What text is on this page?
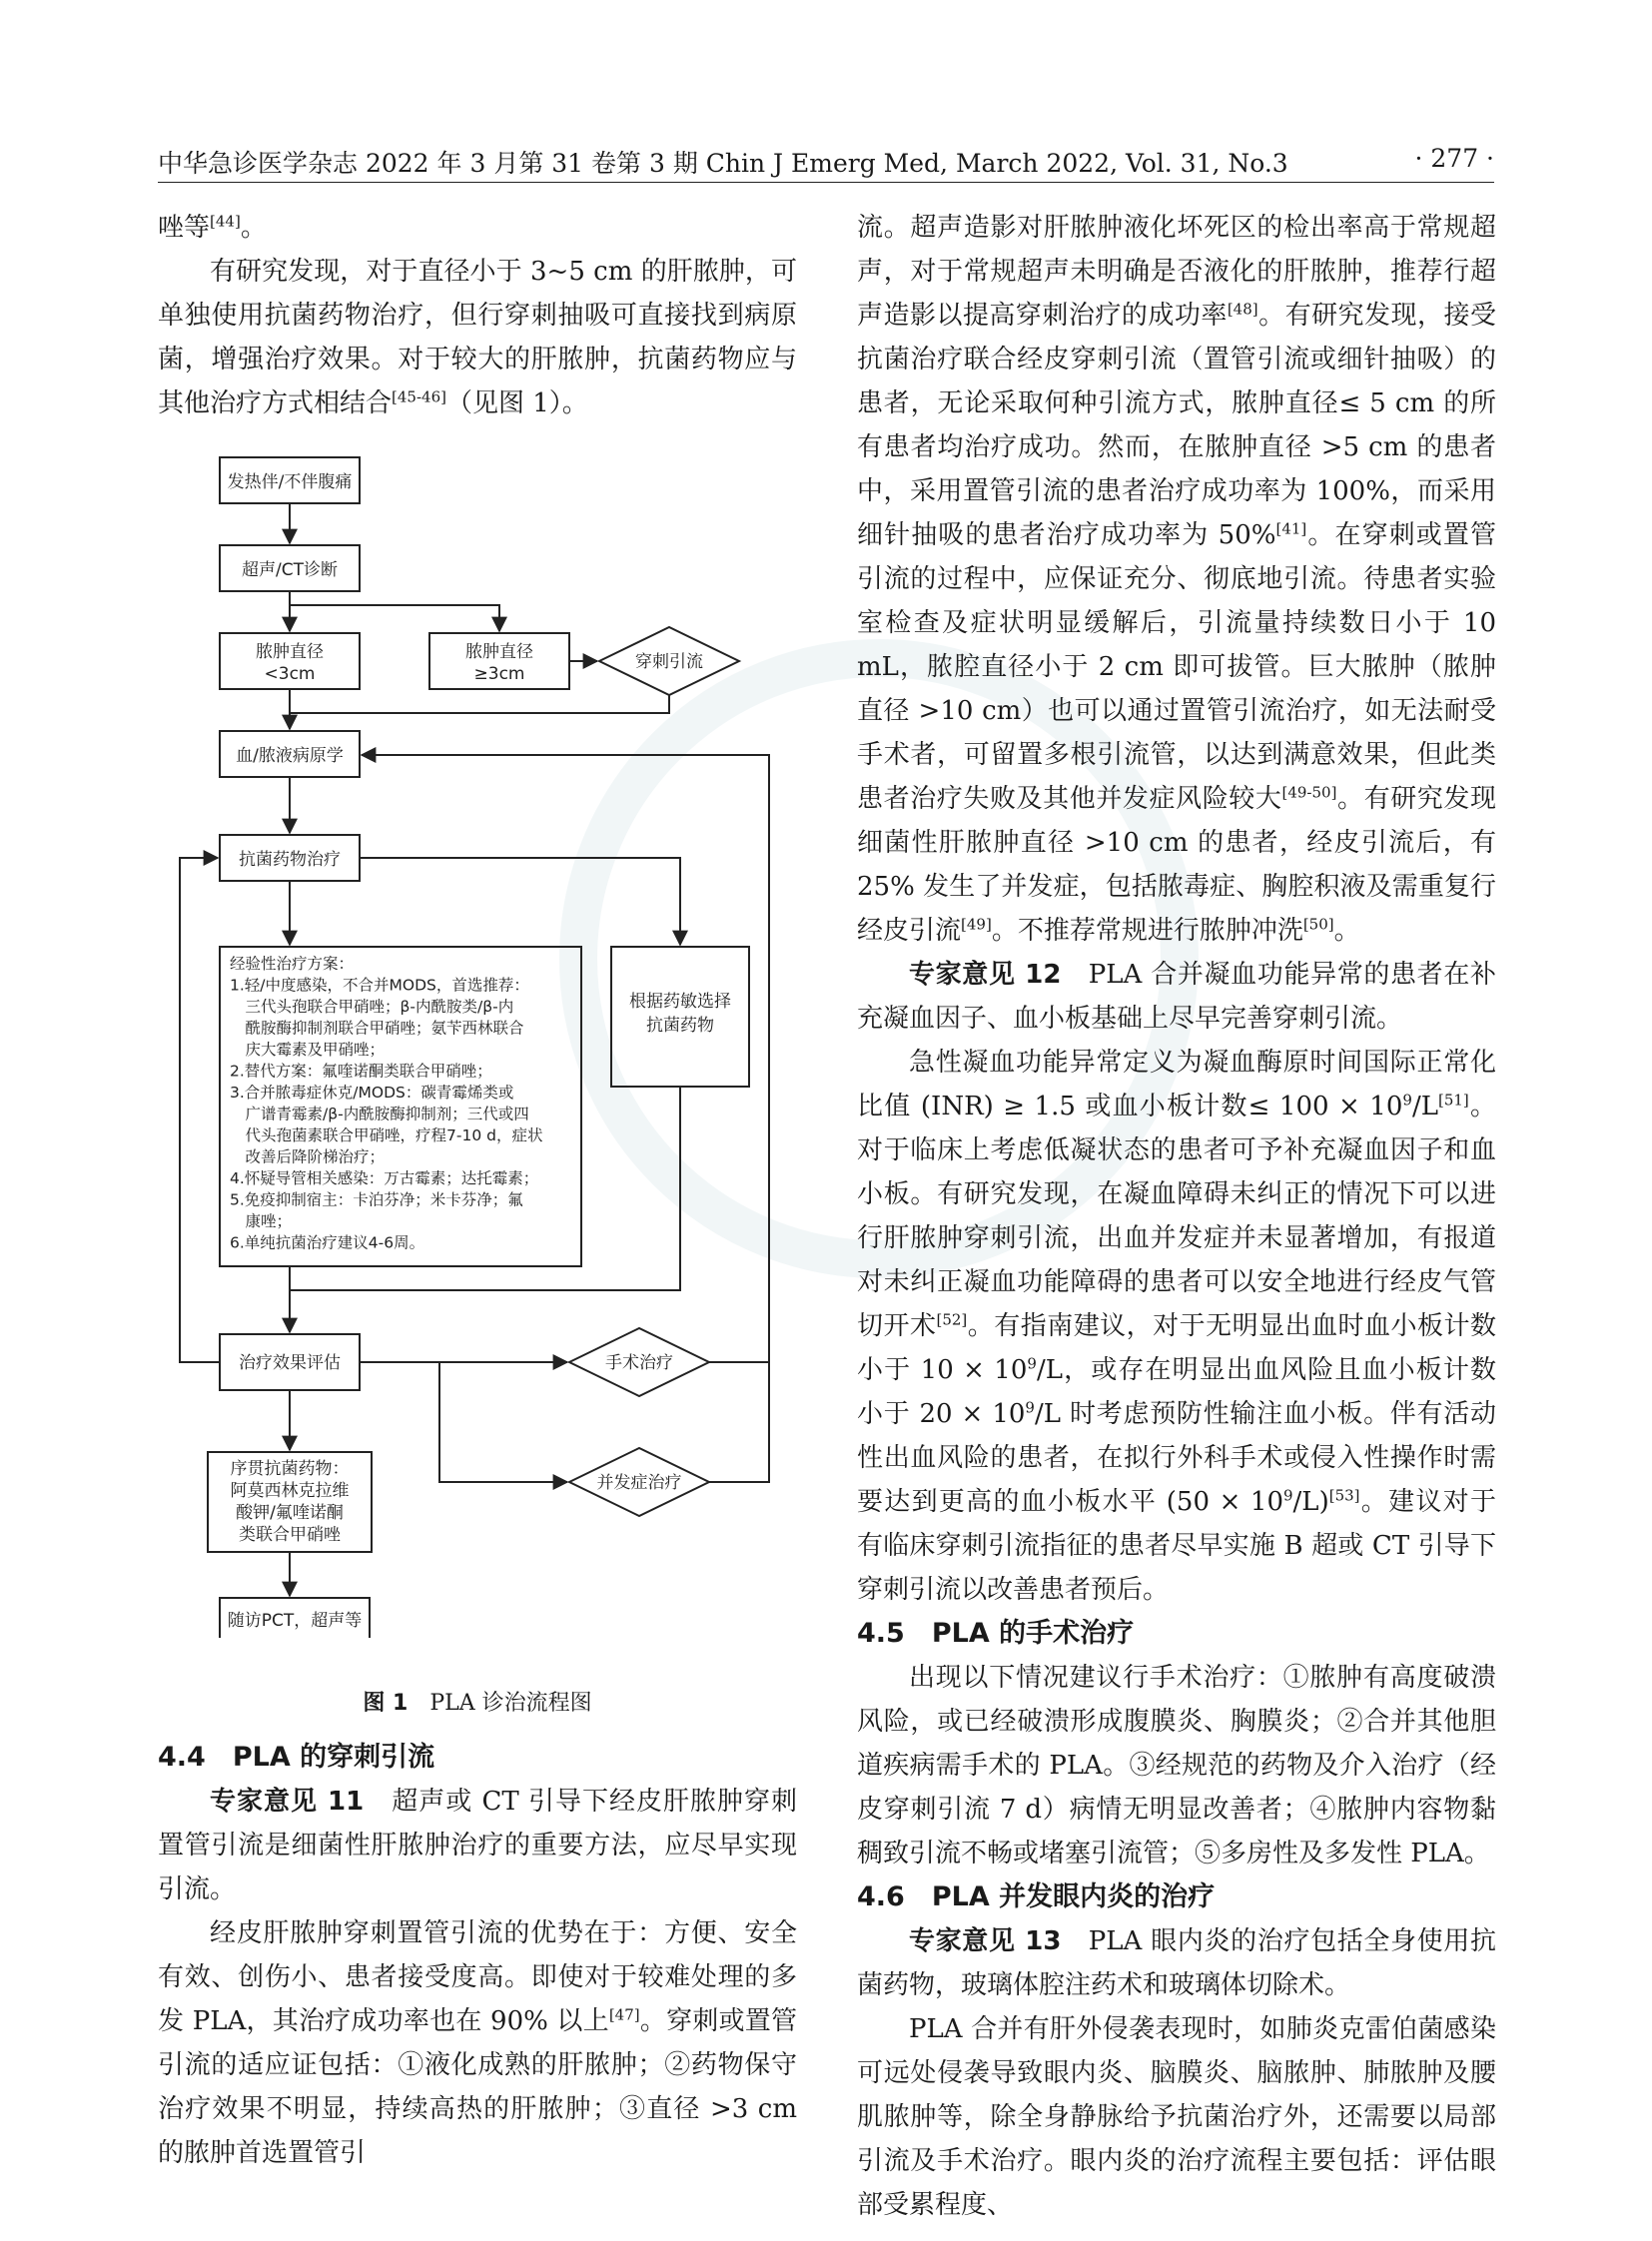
中华急诊医学杂志 2022 年 3 月第 31 卷第 3 期 Chin J Emerg Med, March 2022, Vol. 31, No.3	· 277 ·

唑等[44]。

有研究发现，对于直径小于 3~5 cm 的肝脓肿，可单独使用抗菌药物治疗，但行穿刺抽吸可直接找到病原菌，增强治疗效果。对于较大的肝脓肿，抗菌药物应与其他治疗方式相结合[45-46]（见图 1）。

发热伴/不伴腹痛
超声/CT诊断
脓肿直径
<3cm
脓肿直径
≥3cm
穿刺引流
血/脓液病原学
抗菌药物治疗
经验性治疗方案：
1.轻/中度感染，不合并MODS，首选推荐：
　三代头孢联合甲硝唑；β-内酰胺类/β-内
　酰胺酶抑制剂联合甲硝唑；氨苄西林联合
　庆大霉素及甲硝唑；
2.替代方案：氟喹诺酮类联合甲硝唑；
3.合并脓毒症休克/MODS：碳青霉烯类或
　广谱青霉素/β-内酰胺酶抑制剂；三代或四
　代头孢菌素联合甲硝唑，疗程7-10 d，症状
　改善后降阶梯治疗；
4.怀疑导管相关感染：万古霉素；达托霉素；
5.免疫抑制宿主：卡泊芬净；米卡芬净；氟
　康唑；
6.单纯抗菌治疗建议4-6周。
根据药敏选择
抗菌药物
治疗效果评估	手术治疗
并发症治疗
序贯抗菌药物：
阿莫西林克拉维
酸钾/氟喹诺酮
类联合甲硝唑
随访PCT，超声等
图 1　 PLA 诊治流程图

4.4　PLA 的穿刺引流

专家意见 11　 超声或 CT 引导下经皮肝脓肿穿刺置管引流是细菌性肝脓肿治疗的重要方法，应尽早实现引流。

经皮肝脓肿穿刺置管引流的优势在于：方便、安全有效、创伤小、患者接受度高。即使对于较难处理的多发 PLA，其治疗成功率也在 90% 以上[47]。穿刺或置管引流的适应证包括：①液化成熟的肝脓肿；②药物保守治疗效果不明显，持续高热的肝脓肿；③直径 >3 cm 的脓肿首选置管引

流。超声造影对肝脓肿液化坏死区的检出率高于常规超声，对于常规超声未明确是否液化的肝脓肿，推荐行超声造影以提高穿刺治疗的成功率[48]。有研究发现，接受抗菌治疗联合经皮穿刺引流（置管引流或细针抽吸）的患者，无论采取何种引流方式，脓肿直径≤ 5 cm 的所有患者均治疗成功。然而，在脓肿直径 >5 cm 的患者中，采用置管引流的患者治疗成功率为 100%，而采用细针抽吸的患者治疗成功率为 50%[41]。在穿刺或置管引流的过程中，应保证充分、彻底地引流。待患者实验室检查及症状明显缓解后，引流量持续数日小于 10 mL，脓腔直径小于 2 cm 即可拔管。巨大脓肿（脓肿直径 >10 cm）也可以通过置管引流治疗，如无法耐受手术者，可留置多根引流管，以达到满意效果，但此类患者治疗失败及其他并发症风险较大[49-50]。有研究发现细菌性肝脓肿直径 >10 cm 的患者，经皮引流后，有 25% 发生了并发症，包括脓毒症、胸腔积液及需重复行经皮引流[49]。不推荐常规进行脓肿冲洗[50]。

专家意见 12　 PLA 合并凝血功能异常的患者在补充凝血因子、血小板基础上尽早完善穿刺引流。

急性凝血功能异常定义为凝血酶原时间国际正常化比值 (INR) ≥ 1.5 或血小板计数≤ $100 \times 10^9/L[51]$。对于临床上考虑低凝状态的患者可予补充凝血因子和血小板。有研究发现，在凝血障碍未纠正的情况下可以进行肝脓肿穿刺引流，出血并发症并未显著增加，有报道对未纠正凝血功能障碍的患者可以安全地进行经皮气管切开术[52]。有指南建议，对于无明显出血时血小板计数小于 $10 \times 10^9/L$，或存在明显出血风险且血小板计数小于 $20 \times 10^9/L$ 时考虑预防性输注血小板。伴有活动性出血风险的患者，在拟行外科手术或侵入性操作时需要达到更高的血小板水平 $(50 \times 10^9/L)[53]$。建议对于有临床穿刺引流指征的患者尽早实施 B 超或 CT 引导下穿刺引流以改善患者预后。

4.5　PLA 的手术治疗

出现以下情况建议行手术治疗：①脓肿有高度破溃风险，或已经破溃形成腹膜炎、胸膜炎；②合并其他胆道疾病需手术的 PLA。③经规范的药物及介入治疗（经皮穿刺引流 7 d）病情无明显改善者；④脓肿内容物黏稠致引流不畅或堵塞引流管；⑤多房性及多发性 PLA。

4.6　PLA 并发眼内炎的治疗

专家意见 13　 PLA 眼内炎的治疗包括全身使用抗菌药物，玻璃体腔注药术和玻璃体切除术。

PLA 合并有肝外侵袭表现时，如肺炎克雷伯菌感染可远处侵袭导致眼内炎、脑膜炎、脑脓肿、肺脓肿及腰肌脓肿等，除全身静脉给予抗菌治疗外，还需要以局部引流及手术治疗。眼内炎的治疗流程主要包括：评估眼部受累程度、
